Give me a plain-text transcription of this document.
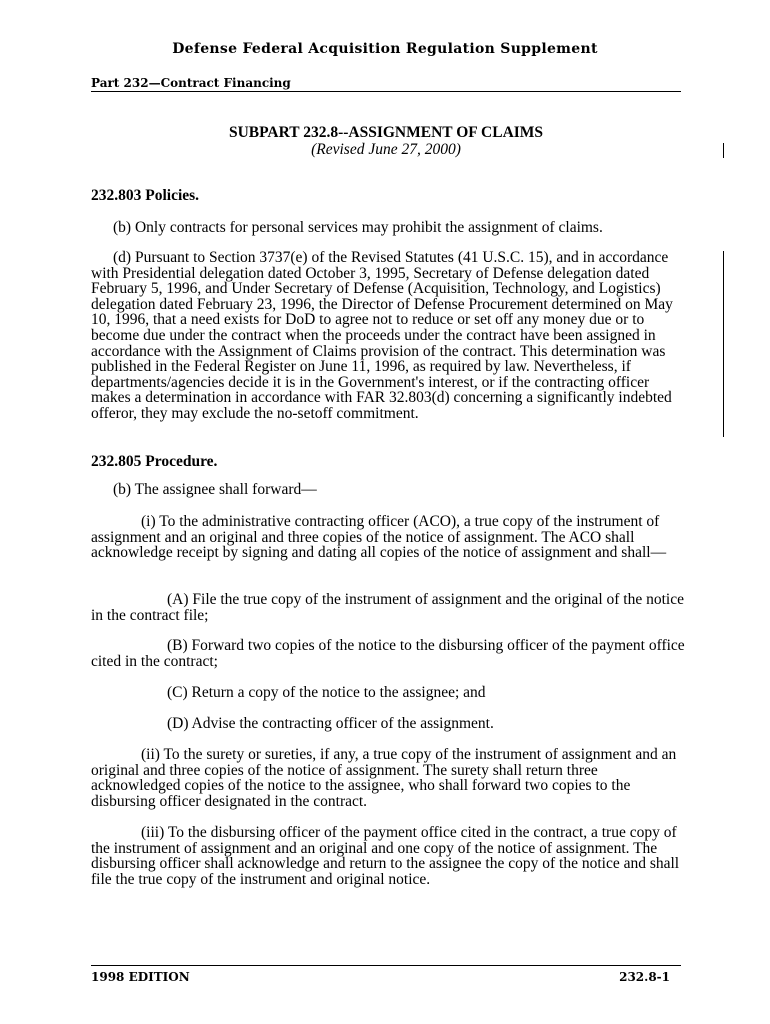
Defense Federal Acquisition Regulation Supplement
Part 232—Contract Financing
SUBPART 232.8--ASSIGNMENT OF CLAIMS
(Revised June 27, 2000)
232.803 Policies.

(b) Only contracts for personal services may prohibit the assignment of claims.

(d) Pursuant to Section 3737(e) of the Revised Statutes (41 U.S.C. 15), and in accordance with Presidential delegation dated October 3, 1995, Secretary of Defense delegation dated February 5, 1996, and Under Secretary of Defense (Acquisition, Technology, and Logistics) delegation dated February 23, 1996, the Director of Defense Procurement determined on May 10, 1996, that a need exists for DoD to agree not to reduce or set off any money due or to become due under the contract when the proceeds under the contract have been assigned in accordance with the Assignment of Claims provision of the contract. This determination was published in the Federal Register on June 11, 1996, as required by law. Nevertheless, if departments/agencies decide it is in the Government's interest, or if the contracting officer makes a determination in accordance with FAR 32.803(d) concerning a significantly indebted offeror, they may exclude the no-setoff commitment.

232.805 Procedure.

(b) The assignee shall forward—

(i) To the administrative contracting officer (ACO), a true copy of the instrument of assignment and an original and three copies of the notice of assignment. The ACO shall acknowledge receipt by signing and dating all copies of the notice of assignment and shall—

(A) File the true copy of the instrument of assignment and the original of the notice in the contract file;

(B) Forward two copies of the notice to the disbursing officer of the payment office cited in the contract;

(C) Return a copy of the notice to the assignee; and

(D) Advise the contracting officer of the assignment.

(ii) To the surety or sureties, if any, a true copy of the instrument of assignment and an original and three copies of the notice of assignment. The surety shall return three acknowledged copies of the notice to the assignee, who shall forward two copies to the disbursing officer designated in the contract.

(iii) To the disbursing officer of the payment office cited in the contract, a true copy of the instrument of assignment and an original and one copy of the notice of assignment. The disbursing officer shall acknowledge and return to the assignee the copy of the notice and shall file the true copy of the instrument and original notice.

1998 EDITION	232.8-1
